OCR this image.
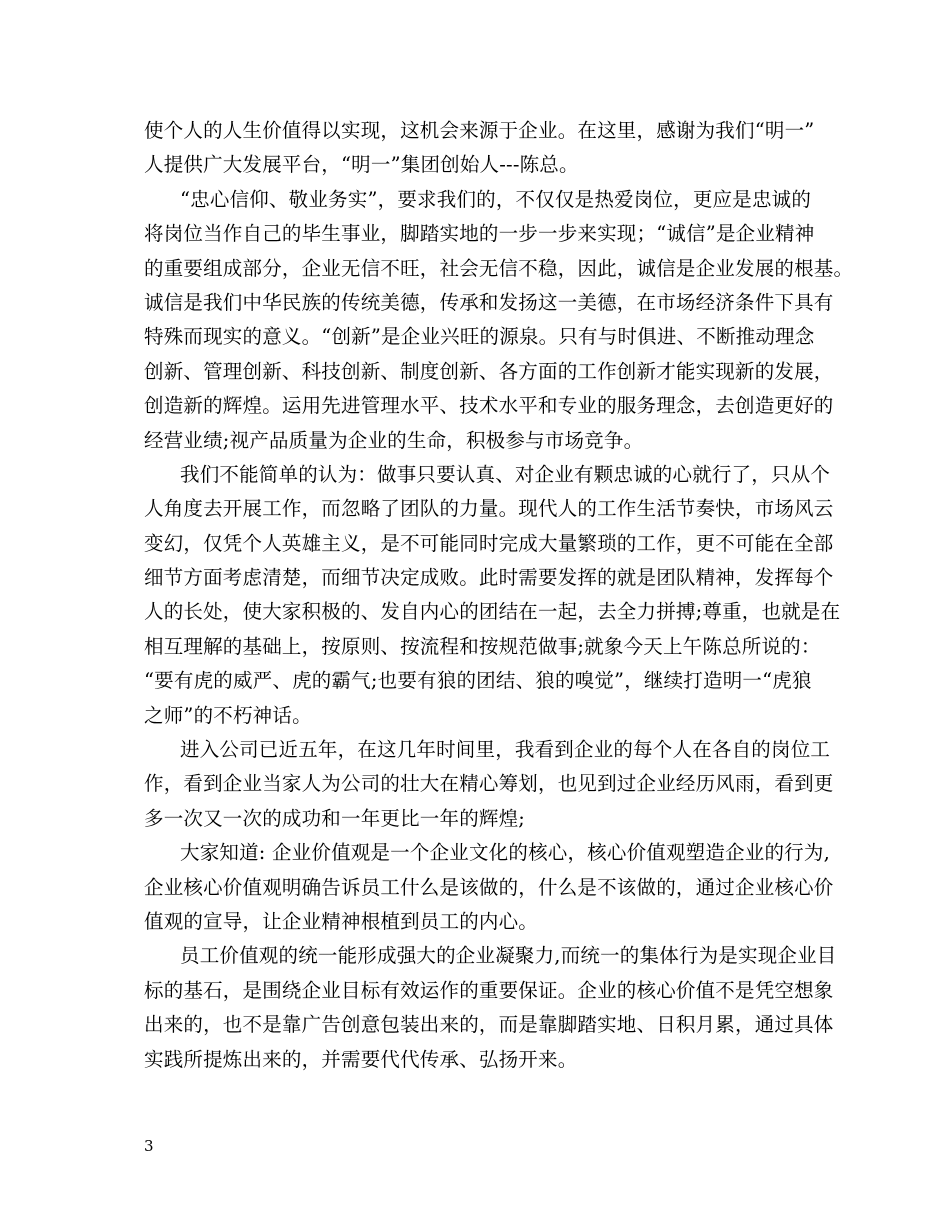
使个人的人生价值得以实现，这机会来源于企业。在这里，感谢为我们“明一”
人提供广大发展平台，“明一”集团创始人---陈总。
“忠心信仰、敬业务实”，要求我们的，不仅仅是热爱岗位，更应是忠诚的
将岗位当作自己的毕生事业，脚踏实地的一步一步来实现；“诚信”是企业精神
的重要组成部分，企业无信不旺，社会无信不稳，因此，诚信是企业发展的根基。
诚信是我们中华民族的传统美德，传承和发扬这一美德，在市场经济条件下具有
特殊而现实的意义。“创新”是企业兴旺的源泉。只有与时俱进、不断推动理念
创新、管理创新、科技创新、制度创新、各方面的工作创新才能实现新的发展，
创造新的辉煌。运用先进管理水平、技术水平和专业的服务理念，去创造更好的
经营业绩;视产品质量为企业的生命，积极参与市场竞争。
我们不能简单的认为：做事只要认真、对企业有颗忠诚的心就行了，只从个
人角度去开展工作，而忽略了团队的力量。现代人的工作生活节奏快，市场风云
变幻，仅凭个人英雄主义，是不可能同时完成大量繁琐的工作，更不可能在全部
细节方面考虑清楚，而细节决定成败。此时需要发挥的就是团队精神，发挥每个
人的长处，使大家积极的、发自内心的团结在一起，去全力拼搏;尊重，也就是在
相互理解的基础上，按原则、按流程和按规范做事;就象今天上午陈总所说的：
“要有虎的威严、虎的霸气;也要有狼的团结、狼的嗅觉”，继续打造明一“虎狼
之师”的不朽神话。
进入公司已近五年，在这几年时间里，我看到企业的每个人在各自的岗位工
作，看到企业当家人为公司的壮大在精心筹划，也见到过企业经历风雨，看到更
多一次又一次的成功和一年更比一年的辉煌;
大家知道: 企业价值观是一个企业文化的核心，核心价值观塑造企业的行为,
企业核心价值观明确告诉员工什么是该做的，什么是不该做的，通过企业核心价
值观的宣导，让企业精神根植到员工的内心。
员工价值观的统一能形成强大的企业凝聚力,而统一的集体行为是实现企业目
标的基石，是围绕企业目标有效运作的重要保证。企业的核心价值不是凭空想象
出来的，也不是靠广告创意包装出来的，而是靠脚踏实地、日积月累，通过具体
实践所提炼出来的，并需要代代传承、弘扬开来。
3
